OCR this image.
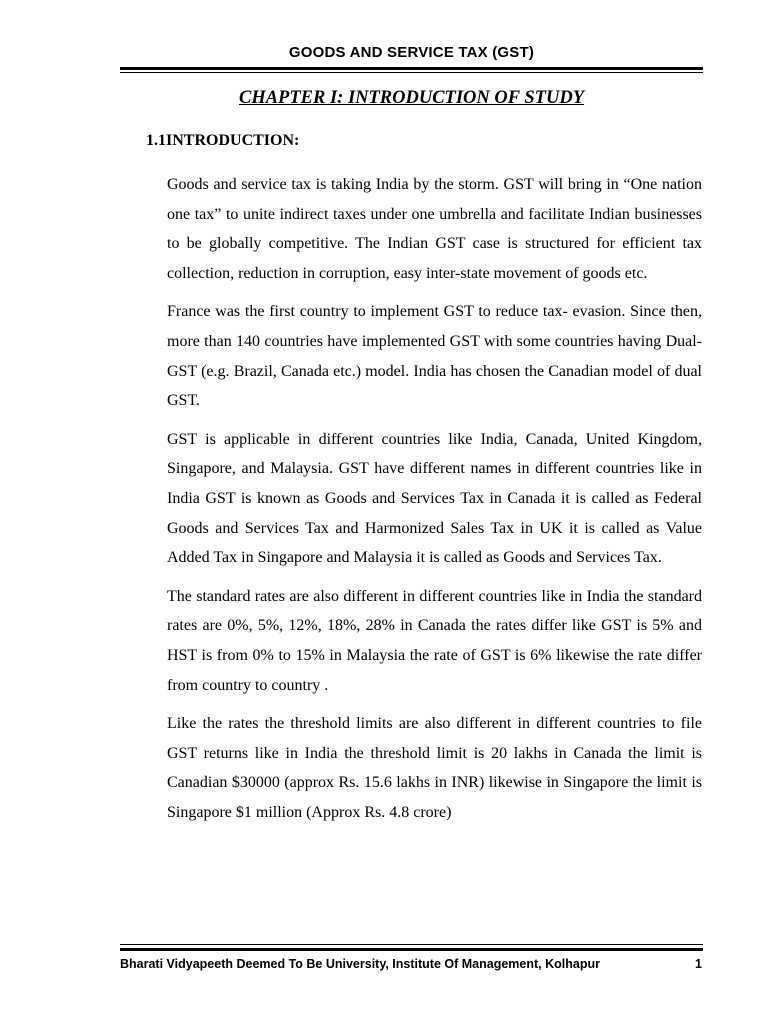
GOODS AND SERVICE TAX (GST)
CHAPTER I: INTRODUCTION OF STUDY
1.1INTRODUCTION:

Goods and service tax is taking India by the storm. GST will bring in “One nation one tax” to unite indirect taxes under one umbrella and facilitate Indian businesses to be globally competitive. The Indian GST case is structured for efficient tax collection, reduction in corruption, easy inter-state movement of goods etc.

France was the first country to implement GST to reduce tax- evasion. Since then, more than 140 countries have implemented GST with some countries having Dual-GST (e.g. Brazil, Canada etc.) model. India has chosen the Canadian model of dual GST.

GST is applicable in different countries like India, Canada, United Kingdom, Singapore, and Malaysia. GST have different names in different countries like in India GST is known as Goods and Services Tax in Canada it is called as Federal Goods and Services Tax and Harmonized Sales Tax in UK it is called as Value Added Tax in Singapore and Malaysia it is called as Goods and Services Tax.

The standard rates are also different in different countries like in India the standard rates are 0%, 5%, 12%, 18%, 28% in Canada the rates differ like GST is 5% and HST is from 0% to 15% in Malaysia the rate of GST is 6% likewise the rate differ from country to country .

Like the rates the threshold limits are also different in different countries to file GST returns like in India the threshold limit is 20 lakhs in Canada the limit is Canadian $30000 (approx Rs. 15.6 lakhs in INR) likewise in Singapore the limit is Singapore $1 million (Approx Rs. 4.8 crore)

Bharati Vidyapeeth Deemed To Be University, Institute Of Management, Kolhapur	1
